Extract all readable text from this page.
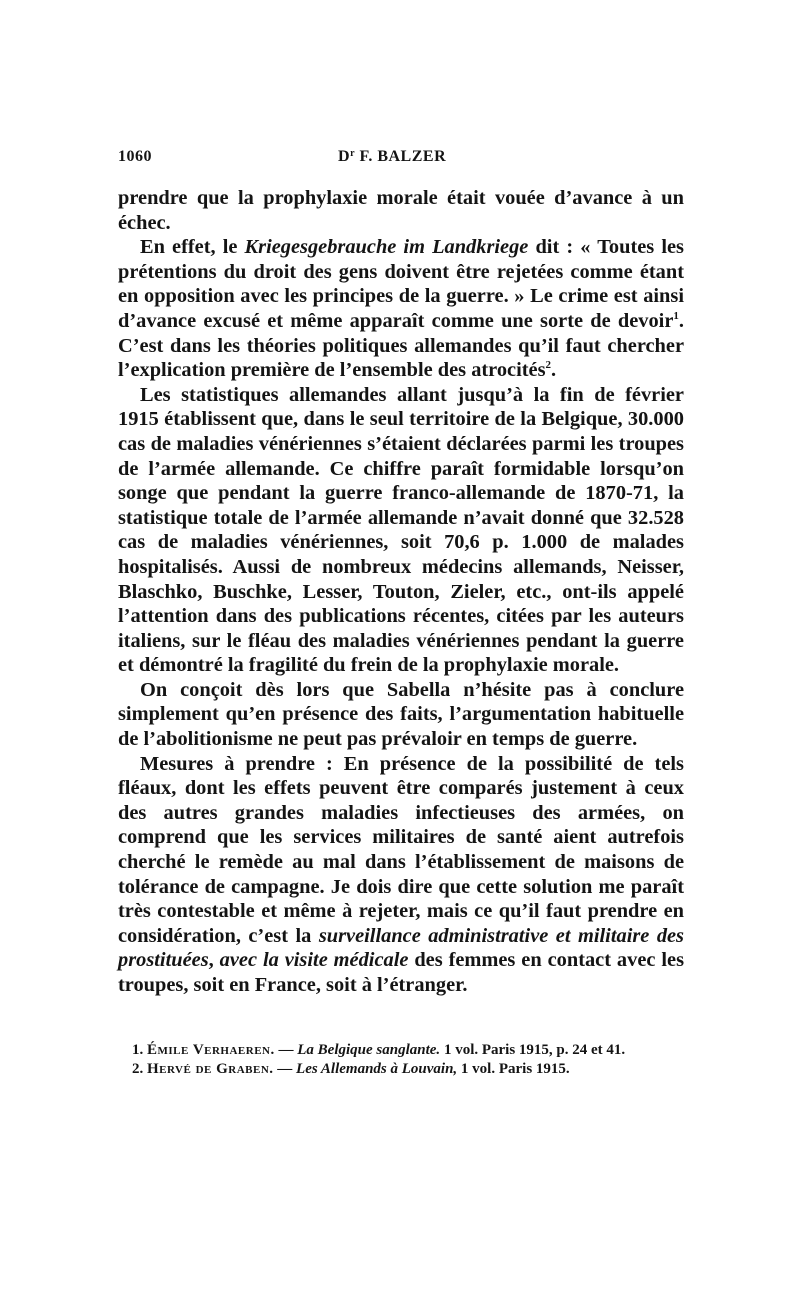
1060	$D^r$ F. BALZER

prendre que la prophylaxie morale était vouée d’avance à un échec.

En effet, le Kriegesgebrauche im Landkriege dit : « Toutes les prétentions du droit des gens doivent être rejetées comme étant en opposition avec les principes de la guerre. » Le crime est ainsi d’avance excusé et même apparaît comme une sorte de devoir$^1$. C’est dans les théories politiques allemandes qu’il faut chercher l’explication première de l’ensemble des atrocités$^2$.

Les statistiques allemandes allant jusqu’à la fin de février 1915 établissent que, dans le seul territoire de la Belgique, 30.000 cas de maladies vénériennes s’étaient déclarées parmi les troupes de l’armée allemande. Ce chiffre paraît formidable lorsqu’on songe que pendant la guerre franco-allemande de 1870-71, la statistique totale de l’armée allemande n’avait donné que 32.528 cas de maladies vénériennes, soit 70,6 p. 1.000 de malades hospitalisés. Aussi de nombreux médecins allemands, Neisser, Blaschko, Buschke, Lesser, Touton, Zieler, etc., ont-ils appelé l’attention dans des publications récentes, citées par les auteurs italiens, sur le fléau des maladies vénériennes pendant la guerre et démontré la fragilité du frein de la prophylaxie morale.

On conçoit dès lors que Sabella n’hésite pas à conclure simplement qu’en présence des faits, l’argumentation habituelle de l’abolitionisme ne peut pas prévaloir en temps de guerre.

Mesures à prendre : En présence de la possibilité de tels fléaux, dont les effets peuvent être comparés justement à ceux des autres grandes maladies infectieuses des armées, on comprend que les services militaires de santé aient autrefois cherché le remède au mal dans l’établissement de maisons de tolérance de campagne. Je dois dire que cette solution me paraît très contestable et même à rejeter, mais ce qu’il faut prendre en considération, c’est la surveillance administrative et militaire des prostituées, avec la visite médicale des femmes en contact avec les troupes, soit en France, soit à l’étranger.

1. Émile Verhaeren. — La Belgique sanglante. 1 vol. Paris 1915, p. 24 et 41.

2. Hervé de Graben. — Les Allemands à Louvain, 1 vol. Paris 1915.
